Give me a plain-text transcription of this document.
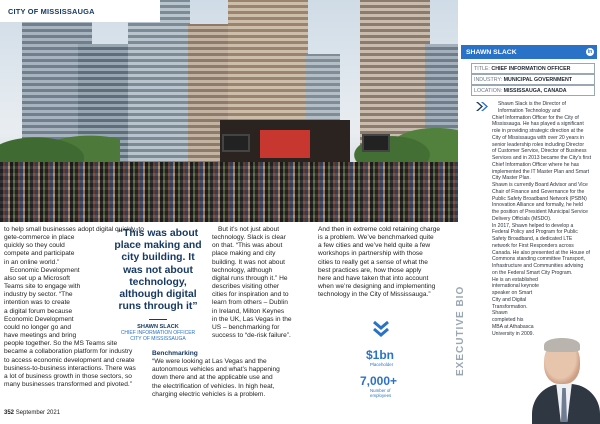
CITY OF MISSISSAUGA

to help small businesses adopt digital quickly, to

gete-commerce in place

quickly so they could

compete and participate

in an online world.”

Economic Development

also set up a Microsoft

Teams site to engage with

industry by sector. “The

intention was to create

a digital forum because

Economic Development

could no longer go and

have meetings and bring

people together. So the MS Teams site

became a collaboration platform for industry

to access economic development and create

business-to-business interactions. There was

a lot of business growth in those sectors, so

many businesses transformed and pivoted.”

“This was about
place making and
city building. It
was not about
technology,
although digital
runs through it”
SHAWN SLACK
CHIEF INFORMATION OFFICER
CITY OF MISSISSAUGA

But it’s not just about

technology. Slack is clear

on that. “This was about

place making and city

building. It was not about

technology, although

digital runs through it.” He

describes visiting other

cities for inspiration and to

learn from others – Dublin

in Ireland, Milton Keynes

in the UK, Las Vegas in the

US – benchmarking for

success to “de-risk failure”.

Benchmarking

“We were looking at Las Vegas and the

autonomous vehicles and what’s happening

down there and at the applicable use and

the electrification of vehicles. In high heat,

charging electric vehicles is a problem.

And then in extreme cold retaining charge

is a problem. We’ve benchmarked quite

a few cities and we’ve held quite a few

workshops in partnership with those

cities to really get a sense of what the

best practices are, how those apply

here and have taken that into account

when we’re designing and implementing

technology in the City of Mississauga.”

$1bn
Placeholder
7,000+
Number of employees
352 September 2021
SHAWN SLACK	in
TITLE: CHIEF INFORMATION OFFICER
INDUSTRY: MUNICIPAL GOVERNMENT
LOCATION: MISSISSAUGA, CANADA

Shawn Slack is the Director of

Information Technology and

Chief Information Officer for the City of

Mississauga. He has played a significant

role in providing strategic direction at the

City of Mississauga with over 20 years in

senior leadership roles including Director

of Customer Service, Director of Business

Services and in 2013 became the City’s first

Chief Information Officer where he has

implemented the IT Master Plan and Smart

City Master Plan.

Shawn is currently Board Advisor and Vice

Chair of Finance and Governance for the

Public Safety Broadband Network (PSBN)

Innovation Alliance and formally, he held

the position of President Municipal Service

Delivery Officials (MSDO).

In 2017, Shawn helped to develop a

Federal Policy and Program for Public

Safety Broadband, a dedicated LTE

network for First Responders across

Canada. He also presented at the House of

Commons standing committee Transport,

Infrastructure and Communities advising

on the Federal Smart City Program.

He is an established

international keynote

speaker on Smart

City and Digital

Transformation.

Shawn

completed his

MBA at Athabasca

University in 2009.

EXECUTIVE BIO
